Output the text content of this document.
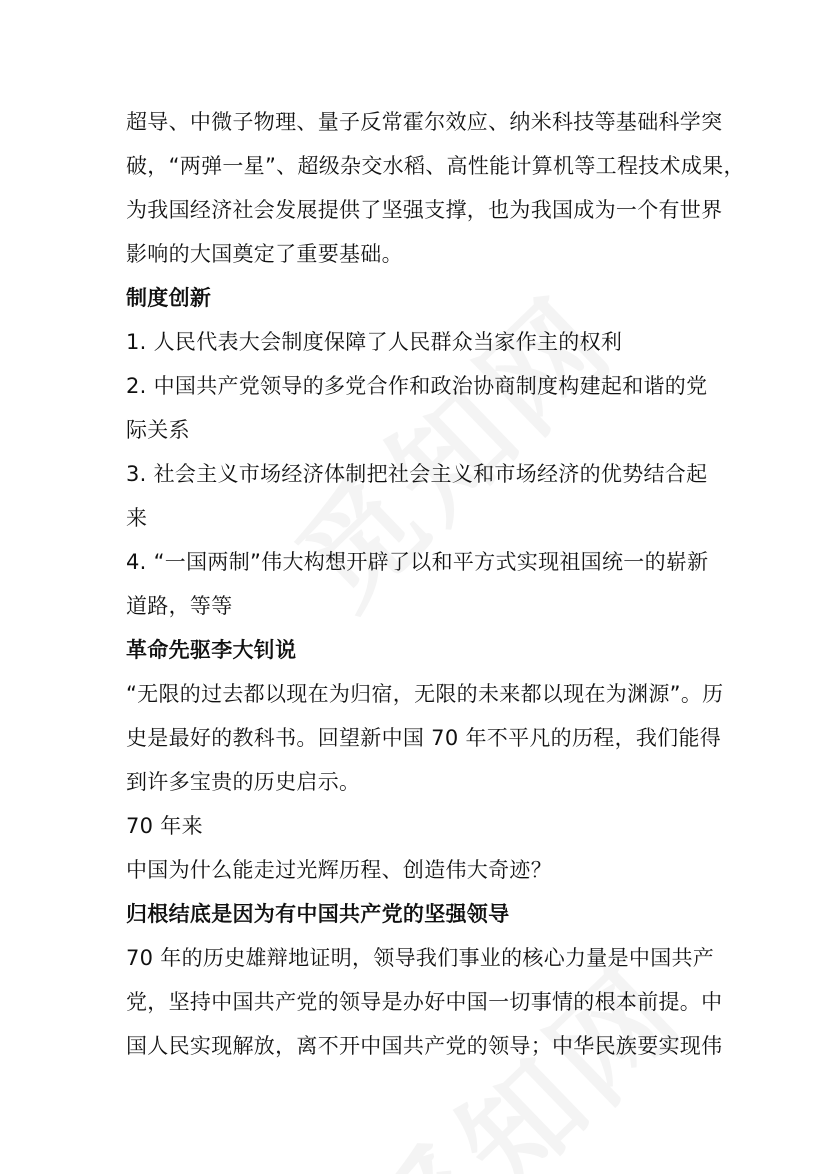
超导、中微子物理、量子反常霍尔效应、纳米科技等基础科学突
破，“两弹一星”、超级杂交水稻、高性能计算机等工程技术成果，
为我国经济社会发展提供了坚强支撑，也为我国成为一个有世界
影响的大国奠定了重要基础。
制度创新
1. 人民代表大会制度保障了人民群众当家作主的权利
2. 中国共产党领导的多党合作和政治协商制度构建起和谐的党
际关系
3. 社会主义市场经济体制把社会主义和市场经济的优势结合起
来
4. “一国两制”伟大构想开辟了以和平方式实现祖国统一的崭新
道路，等等
革命先驱李大钊说
“无限的过去都以现在为归宿，无限的未来都以现在为渊源”。历
史是最好的教科书。回望新中国 70 年不平凡的历程，我们能得
到许多宝贵的历史启示。
70 年来
中国为什么能走过光辉历程、创造伟大奇迹？
归根结底是因为有中国共产党的坚强领导
70 年的历史雄辩地证明，领导我们事业的核心力量是中国共产
党，坚持中国共产党的领导是办好中国一切事情的根本前提。中
国人民实现解放，离不开中国共产党的领导；中华民族要实现伟
